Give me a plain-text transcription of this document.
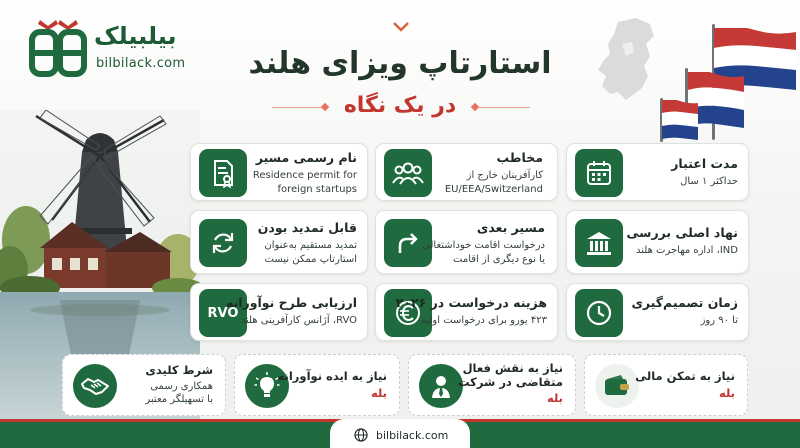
بیلبیلک
bilbilack.com	استارتاپ ویزای هلند
در یک نگاه
مدت اعتبار
حداکثر ۱ سال
مخاطب
کارآفرینان خارج از
EU/EEA/Switzerland
نام رسمی مسیر
Residence permit for
foreign startups
نهاد اصلی بررسی
IND، اداره مهاجرت هلند
مسیر بعدی
درخواست اقامت خوداشتغالی
یا نوع دیگری از اقامت
قابل تمدید بودن
تمدید مستقیم به‌عنوان
استارتاپ ممکن نیست
زمان تصمیم‌گیری
تا ۹۰ روز
هزینه درخواست در ۲۰۲۶
۴۲۳ یورو برای درخواست اولیه
RVO
ارزیابی طرح نوآورانه
RVO، آژانس کارآفرینی هلند
نیاز به تمکن مالی
بله
نیاز به نقش فعال
متقاضی در شرکت
بله
نیاز به ایده نوآورانه
بله
شرط کلیدی
همکاری رسمی
با تسهیلگر معتبر
bilbilack.com
